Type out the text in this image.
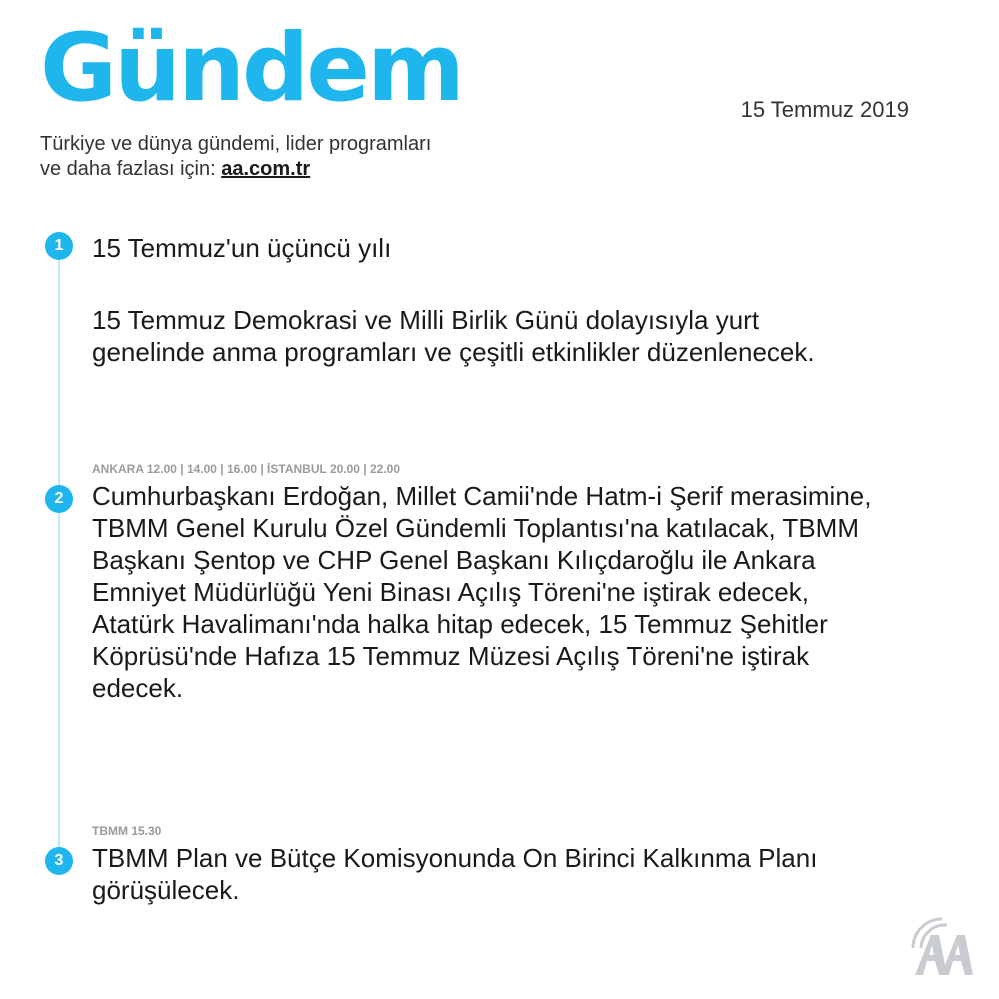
Gündem
Türkiye ve dünya gündemi, lider programları
ve daha fazlası için: aa.com.tr
15 Temmuz 2019
1	15 Temmuz'un üçüncü yılı

15 Temmuz Demokrasi ve Milli Birlik Günü dolayısıyla yurt genelinde anma programları ve çeşitli etkinlikler düzenlenecek.

ANKARA 12.00 | 14.00 | 16.00 | İSTANBUL 20.00 | 22.00

Cumhurbaşkanı Erdoğan, Millet Camii'nde Hatm-i Şerif merasimine, TBMM Genel Kurulu Özel Gündemli Toplantısı'na katılacak, TBMM Başkanı Şentop ve CHP Genel Başkanı Kılıçdaroğlu ile Ankara Emniyet Müdürlüğü Yeni Binası Açılış Töreni'ne iştirak edecek, Atatürk Havalimanı'nda halka hitap edecek, 15 Temmuz Şehitler Köprüsü'nde Hafıza 15 Temmuz Müzesi Açılış Töreni'ne iştirak edecek.

2
TBMM 15.30

TBMM Plan ve Bütçe Komisyonunda On Birinci Kalkınma Planı görüşülecek.

3
